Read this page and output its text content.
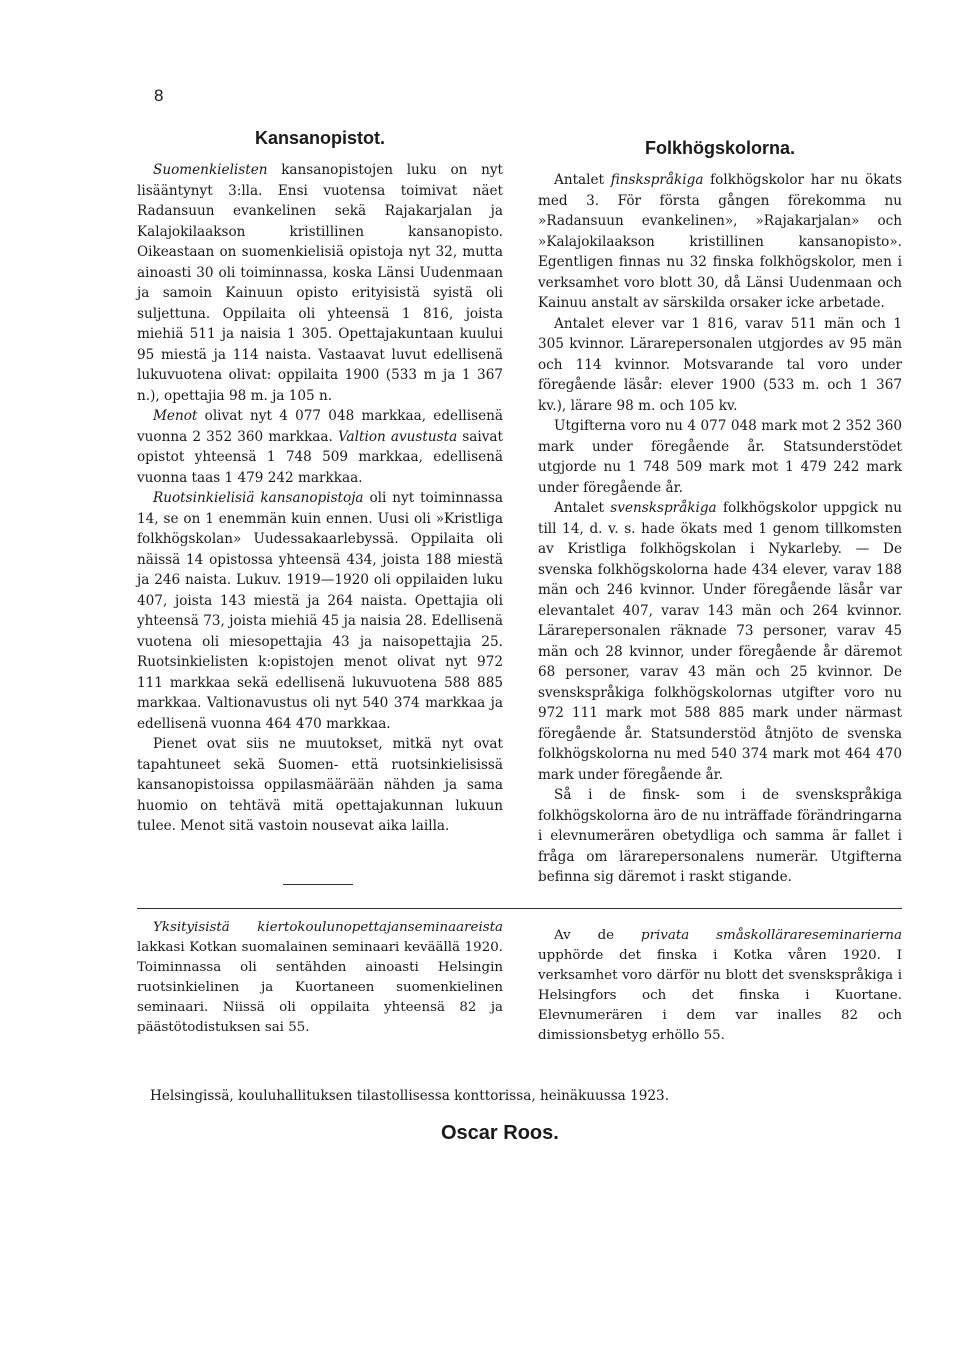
8
Kansanopistot.

Suomenkielisten kansanopistojen luku on nyt lisääntynyt 3:lla. Ensi vuotensa toimivat näet Radansuun evankelinen sekä Rajakarjalan ja Kalajokilaakson kristillinen kansanopisto. Oikeastaan on suomenkielisiä opistoja nyt 32, mutta ainoasti 30 oli toiminnassa, koska Länsi Uudenmaan ja samoin Kainuun opisto erityisistä syistä oli suljettuna. Oppilaita oli yhteensä 1 816, joista miehiä 511 ja naisia 1 305. Opettajakuntaan kuului 95 miestä ja 114 naista. Vastaavat luvut edellisenä lukuvuotena olivat: oppilaita 1900 (533 m ja 1 367 n.), opettajia 98 m. ja 105 n.

Menot olivat nyt 4 077 048 markkaa, edellisenä vuonna 2 352 360 markkaa. Valtion avustusta saivat opistot yhteensä 1 748 509 markkaa, edellisenä vuonna taas 1 479 242 markkaa.

Ruotsinkielisiä kansanopistoja oli nyt toiminnassa 14, se on 1 enemmän kuin ennen. Uusi oli »Kristliga folkhögskolan» Uudessakaarlebyssä. Oppilaita oli näissä 14 opistossa yhteensä 434, joista 188 miestä ja 246 naista. Lukuv. 1919—1920 oli oppilaiden luku 407, joista 143 miestä ja 264 naista. Opettajia oli yhteensä 73, joista miehiä 45 ja naisia 28. Edellisenä vuotena oli miesopettajia 43 ja naisopettajia 25. Ruotsinkielisten k:opistojen menot olivat nyt 972 111 markkaa sekä edellisenä lukuvuotena 588 885 markkaa. Valtionavustus oli nyt 540 374 markkaa ja edellisenä vuonna 464 470 markkaa.

Pienet ovat siis ne muutokset, mitkä nyt ovat tapahtuneet sekä Suomen- että ruotsinkielisissä kansanopistoissa oppilasmäärään nähden ja sama huomio on tehtävä mitä opettajakunnan lukuun tulee. Menot sitä vastoin nousevat aika lailla.

Folkhögskolorna.

Antalet finskspråkiga folkhögskolor har nu ökats med 3. För första gången förekomma nu »Radansuun evankelinen», »Rajakarjalan» och »Kalajokilaakson kristillinen kansanopisto». Egentligen finnas nu 32 finska folkhögskolor, men i verksamhet voro blott 30, då Länsi Uudenmaan och Kainuu anstalt av särskilda orsaker icke arbetade.

Antalet elever var 1 816, varav 511 män och 1 305 kvinnor. Lärarepersonalen utgjordes av 95 män och 114 kvinnor. Motsvarande tal voro under föregående läsår: elever 1900 (533 m. och 1 367 kv.), lärare 98 m. och 105 kv.

Utgifterna voro nu 4 077 048 mark mot 2 352 360 mark under föregående år. Statsunderstödet utgjorde nu 1 748 509 mark mot 1 479 242 mark under föregående år.

Antalet svenskspråkiga folkhögskolor uppgick nu till 14, d. v. s. hade ökats med 1 genom tillkomsten av Kristliga folkhögskolan i Nykarleby. — De svenska folkhögskolorna hade 434 elever, varav 188 män och 246 kvinnor. Under föregående läsår var elevantalet 407, varav 143 män och 264 kvinnor. Lärarepersonalen räknade 73 personer, varav 45 män och 28 kvinnor, under föregående år däremot 68 personer, varav 43 män och 25 kvinnor. De svenskspråkiga folkhögskolornas utgifter voro nu 972 111 mark mot 588 885 mark under närmast föregående år. Statsunderstöd åtnjöto de svenska folkhögskolorna nu med 540 374 mark mot 464 470 mark under föregående år.

Så i de finsk- som i de svenskspråkiga folkhögskolorna äro de nu inträffade förändringarna i elevnumerären obetydliga och samma är fallet i fråga om lärarepersonalens numerär. Utgifterna befinna sig däremot i raskt stigande.

Yksityisistä kiertokoulunopettajanseminaareista lakkasi Kotkan suomalainen seminaari keväällä 1920. Toiminnassa oli sentähden ainoasti Helsingin ruotsinkielinen ja Kuortaneen suomenkielinen seminaari. Niissä oli oppilaita yhteensä 82 ja päästötodistuksen sai 55.

Av de privata småskollärareseminarierna upphörde det finska i Kotka våren 1920. I verksamhet voro därför nu blott det svenskspråkiga i Helsingfors och det finska i Kuortane. Elevnumerären i dem var inalles 82 och dimissionsbetyg erhöllo 55.

Helsingissä, kouluhallituksen tilastollisessa konttorissa, heinäkuussa 1923.
Oscar Roos.
